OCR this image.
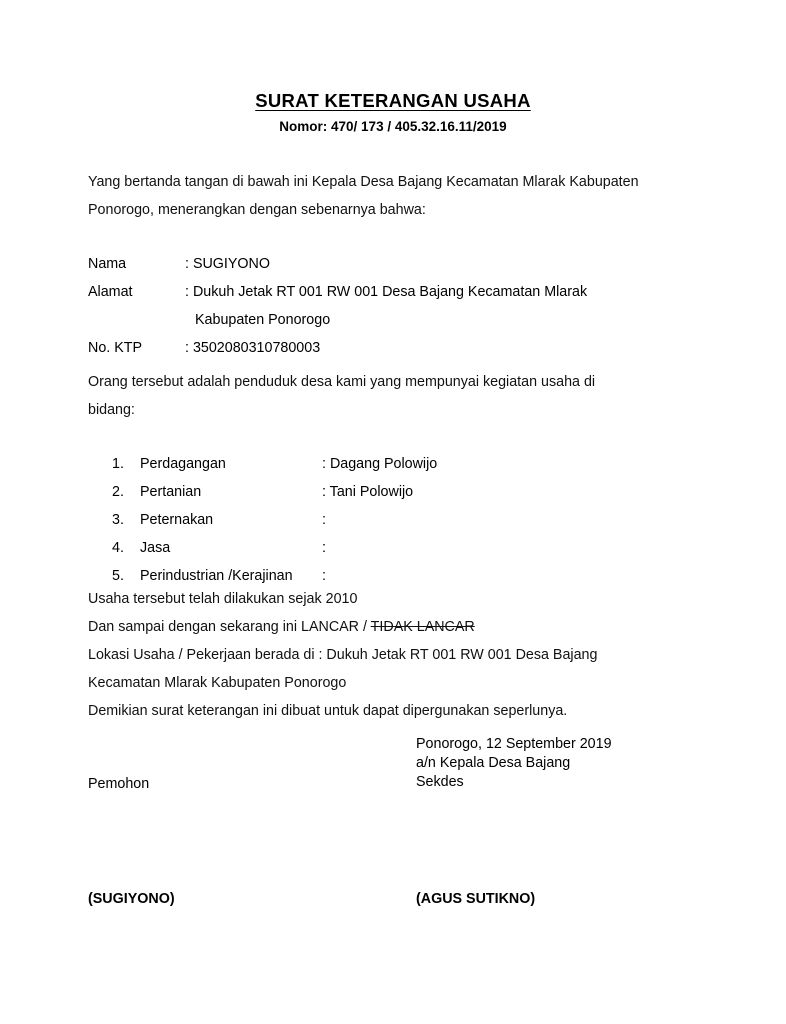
SURAT KETERANGAN USAHA
Nomor: 470/ 173 / 405.32.16.11/2019
Yang bertanda tangan di bawah ini Kepala Desa Bajang Kecamatan Mlarak Kabupaten
Ponorogo, menerangkan dengan sebenarnya bahwa:
Nama	: SUGIYONO
Alamat	: Dukuh Jetak RT 001 RW 001 Desa Bajang Kecamatan Mlarak
Kabupaten Ponorogo
No. KTP	: 3502080310780003
Orang tersebut adalah penduduk desa kami yang mempunyai kegiatan usaha di
bidang:
1.	Perdagangan	: Dagang Polowijo
2.	Pertanian	: Tani Polowijo
3.	Peternakan	:
4.	Jasa	:
5.	Perindustrian /Kerajinan	:
Usaha tersebut telah dilakukan sejak 2010
Dan sampai dengan sekarang ini LANCAR / TIDAK LANCAR
Lokasi Usaha / Pekerjaan berada di : Dukuh Jetak RT 001 RW 001 Desa Bajang
Kecamatan Mlarak Kabupaten Ponorogo
Demikian surat keterangan ini dibuat untuk dapat dipergunakan seperlunya.
Ponorogo, 12 September 2019
a/n Kepala Desa Bajang
Sekdes
Pemohon
(SUGIYONO)	(AGUS SUTIKNO)
